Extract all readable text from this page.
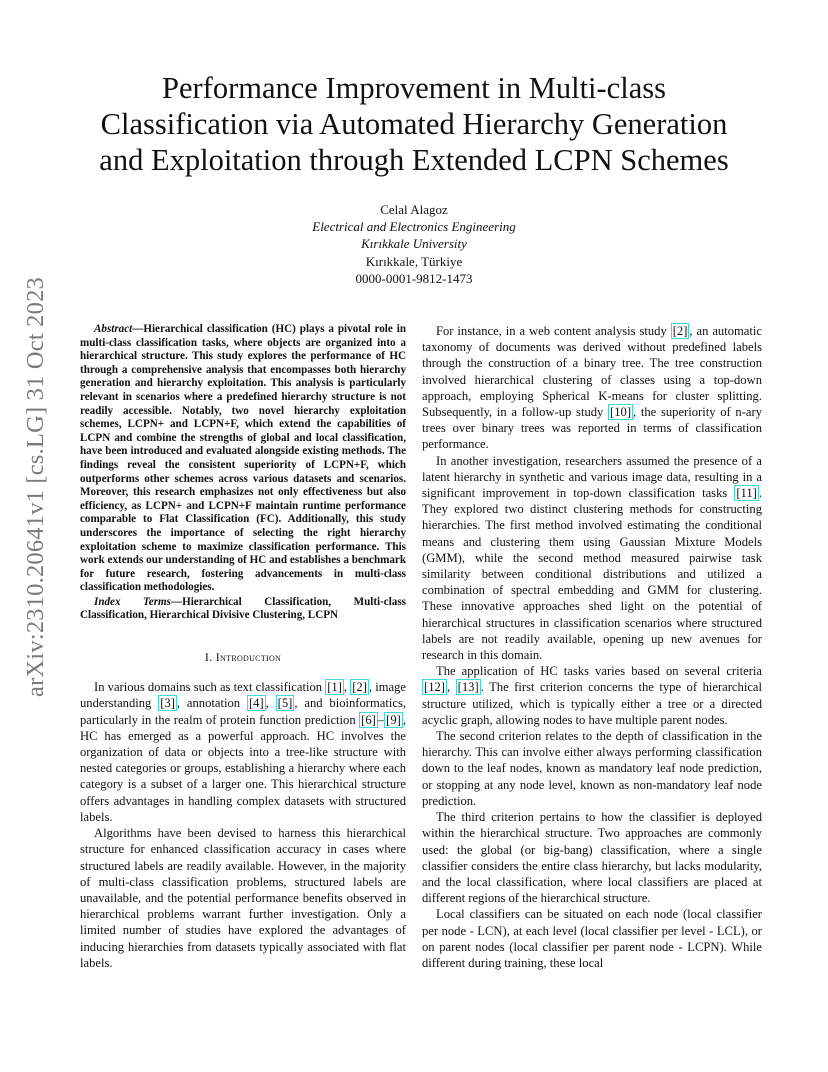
arXiv:2310.20641v1 [cs.LG] 31 Oct 2023
Performance Improvement in Multi-class
Classification via Automated Hierarchy Generation
and Exploitation through Extended LCPN Schemes
Celal Alagoz
Electrical and Electronics Engineering
Kırıkkale University
Kırıkkale, Türkiye
0000-0001-9812-1473

Abstract—Hierarchical classification (HC) plays a pivotal role in multi-class classification tasks, where objects are organized into a hierarchical structure. This study explores the performance of HC through a comprehensive analysis that encompasses both hierarchy generation and hierarchy exploitation. This analysis is particularly relevant in scenarios where a predefined hierarchy structure is not readily accessible. Notably, two novel hierarchy exploitation schemes, LCPN+ and LCPN+F, which extend the capabilities of LCPN and combine the strengths of global and local classification, have been introduced and evaluated alongside existing methods. The findings reveal the consistent superiority of LCPN+F, which outperforms other schemes across various datasets and scenarios. Moreover, this research emphasizes not only effectiveness but also efficiency, as LCPN+ and LCPN+F maintain runtime performance comparable to Flat Classification (FC). Additionally, this study underscores the importance of selecting the right hierarchy exploitation scheme to maximize classification performance. This work extends our understanding of HC and establishes a benchmark for future research, fostering advancements in multi-class classification methodologies.

Index Terms—Hierarchical Classification, Multi-class Classification, Hierarchical Divisive Clustering, LCPN

I. Introduction

In various domains such as text classification [1] , [2] , image understanding [3] , annotation [4] , [5] , and bioinformatics, particularly in the realm of protein function prediction [6] – [9] , HC has emerged as a powerful approach. HC involves the organization of data or objects into a tree-like structure with nested categories or groups, establishing a hierarchy where each category is a subset of a larger one. This hierarchical structure offers advantages in handling complex datasets with structured labels.

Algorithms have been devised to harness this hierarchical structure for enhanced classification accuracy in cases where structured labels are readily available. However, in the majority of multi-class classification problems, structured labels are unavailable, and the potential performance benefits observed in hierarchical problems warrant further investigation. Only a limited number of studies have explored the advantages of inducing hierarchies from datasets typically associated with flat labels.

For instance, in a web content analysis study [2] , an automatic taxonomy of documents was derived without predefined labels through the construction of a binary tree. The tree construction involved hierarchical clustering of classes using a top-down approach, employing Spherical K-means for cluster splitting. Subsequently, in a follow-up study [10] , the superiority of n-ary trees over binary trees was reported in terms of classification performance.

In another investigation, researchers assumed the presence of a latent hierarchy in synthetic and various image data, resulting in a significant improvement in top-down classification tasks [11] . They explored two distinct clustering methods for constructing hierarchies. The first method involved estimating the conditional means and clustering them using Gaussian Mixture Models (GMM), while the second method measured pairwise task similarity between conditional distributions and utilized a combination of spectral embedding and GMM for clustering. These innovative approaches shed light on the potential of hierarchical structures in classification scenarios where structured labels are not readily available, opening up new avenues for research in this domain.

The application of HC tasks varies based on several criteria [12] , [13] . The first criterion concerns the type of hierarchical structure utilized, which is typically either a tree or a directed acyclic graph, allowing nodes to have multiple parent nodes.

The second criterion relates to the depth of classification in the hierarchy. This can involve either always performing classification down to the leaf nodes, known as mandatory leaf node prediction, or stopping at any node level, known as non-mandatory leaf node prediction.

The third criterion pertains to how the classifier is deployed within the hierarchical structure. Two approaches are commonly used: the global (or big-bang) classification, where a single classifier considers the entire class hierarchy, but lacks modularity, and the local classification, where local classifiers are placed at different regions of the hierarchical structure.

Local classifiers can be situated on each node (local classifier per node - LCN), at each level (local classifier per level - LCL), or on parent nodes (local classifier per parent node - LCPN). While different during training, these local
